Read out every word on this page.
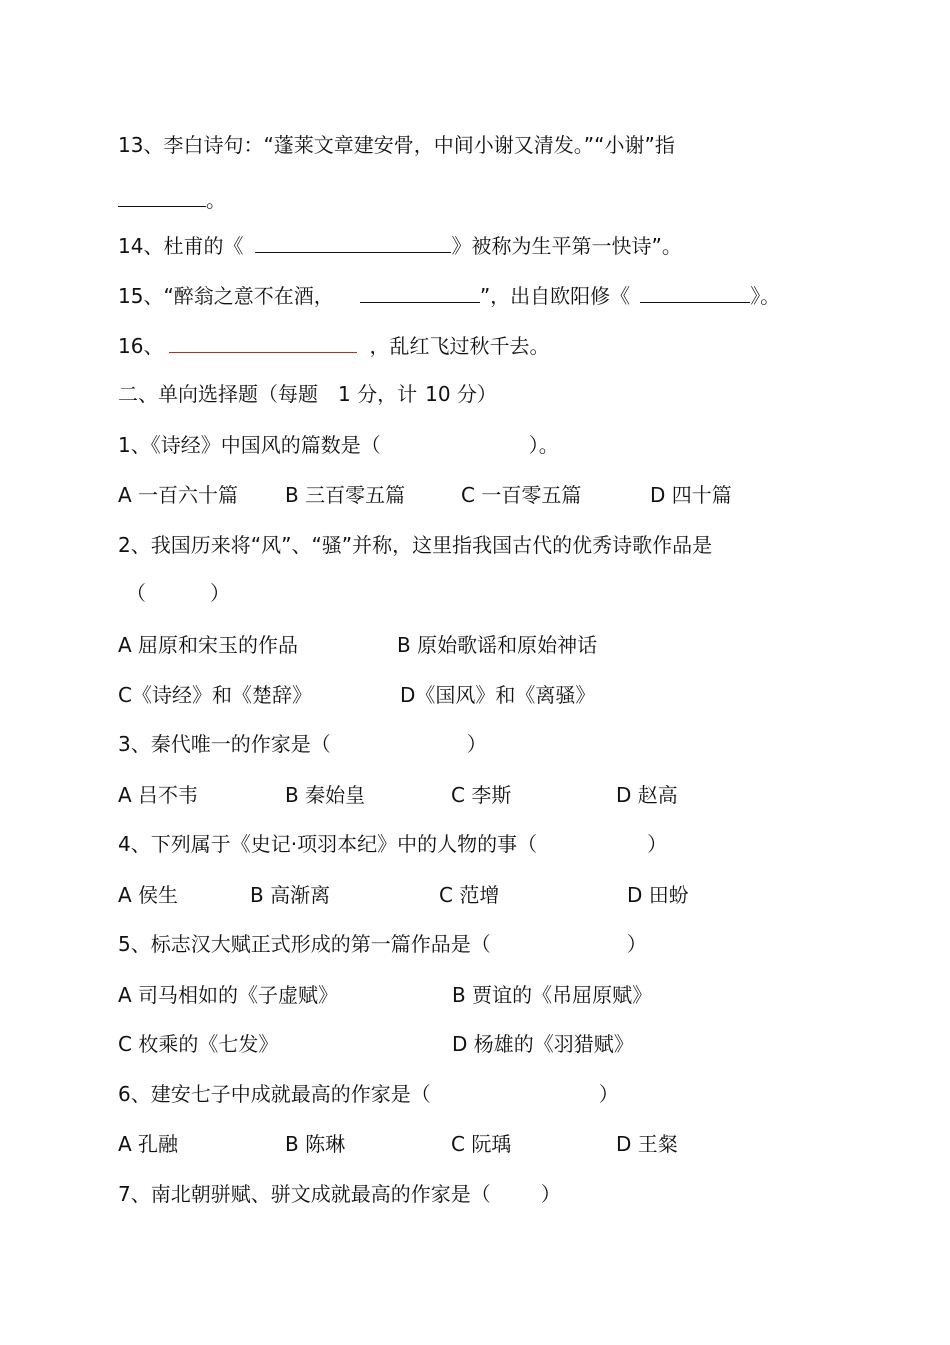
13、李白诗句：“蓬莱文章建安骨，中间小谢又清发。”“小谢”指
。
14、杜甫的《	》被称为生平第一快诗”。
15、“醉翁之意不在酒，	”，出自欧阳修《	》。
16、	，乱红飞过秋千去。
二、单向选择题（每题 1 分，计 10 分）
1、《诗经》中国风的篇数是（	）。
A 一百六十篇 B 三百零五篇	C 一百零五篇	D 四十篇
2、我国历来将“风”、“骚”并称，这里指我国古代的优秀诗歌作品是
（	）
A 屈原和宋玉的作品	B 原始歌谣和原始神话
C《诗经》和《楚辞》	D《国风》和《离骚》
3、秦代唯一的作家是（	）
A 吕不韦	B 秦始皇	C 李斯	D 赵高
4、下列属于《史记·项羽本纪》中的人物的事（	）
A 侯生	B 高渐离	C 范增	D 田蚡
5、标志汉大赋正式形成的第一篇作品是（	）
A 司马相如的《子虚赋》	B 贾谊的《吊屈原赋》
C 枚乘的《七发》	D 杨雄的《羽猎赋》
6、建安七子中成就最高的作家是（	）
A 孔融	B 陈琳	C 阮瑀	D 王粲
7、南北朝骈赋、骈文成就最高的作家是（	）
